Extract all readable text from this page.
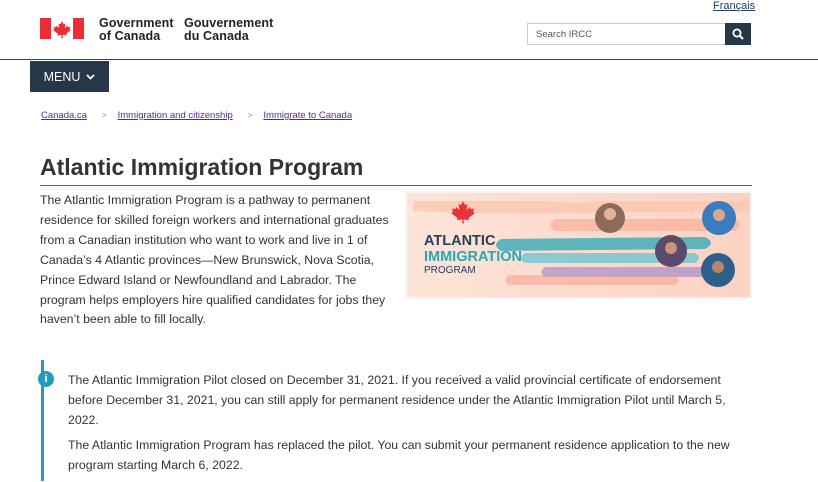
Français
Government
of Canada
Gouvernement
du Canada
Search IRCC
MENU
Canada.ca > Immigration and citizenship > Immigrate to Canada
Atlantic Immigration Program

The Atlantic Immigration Program is a pathway to permanent residence for skilled foreign workers and international graduates from a Canadian institution who want to work and live in 1 of Canada’s 4 Atlantic provinces—New Brunswick, Nova Scotia, Prince Edward Island or Newfoundland and Labrador. The program helps employers hire qualified candidates for jobs they haven’t been able to fill locally.

ATLANTIC
IMMIGRATION
PROGRAM
i	The Atlantic Immigration Pilot closed on December 31, 2021. If you received a valid provincial certificate of endorsement before December 31, 2021, you can still apply for permanent residence under the Atlantic Immigration Pilot until March 5, 2022.

The Atlantic Immigration Program has replaced the pilot. You can submit your permanent residence application to the new program starting March 6, 2022.
